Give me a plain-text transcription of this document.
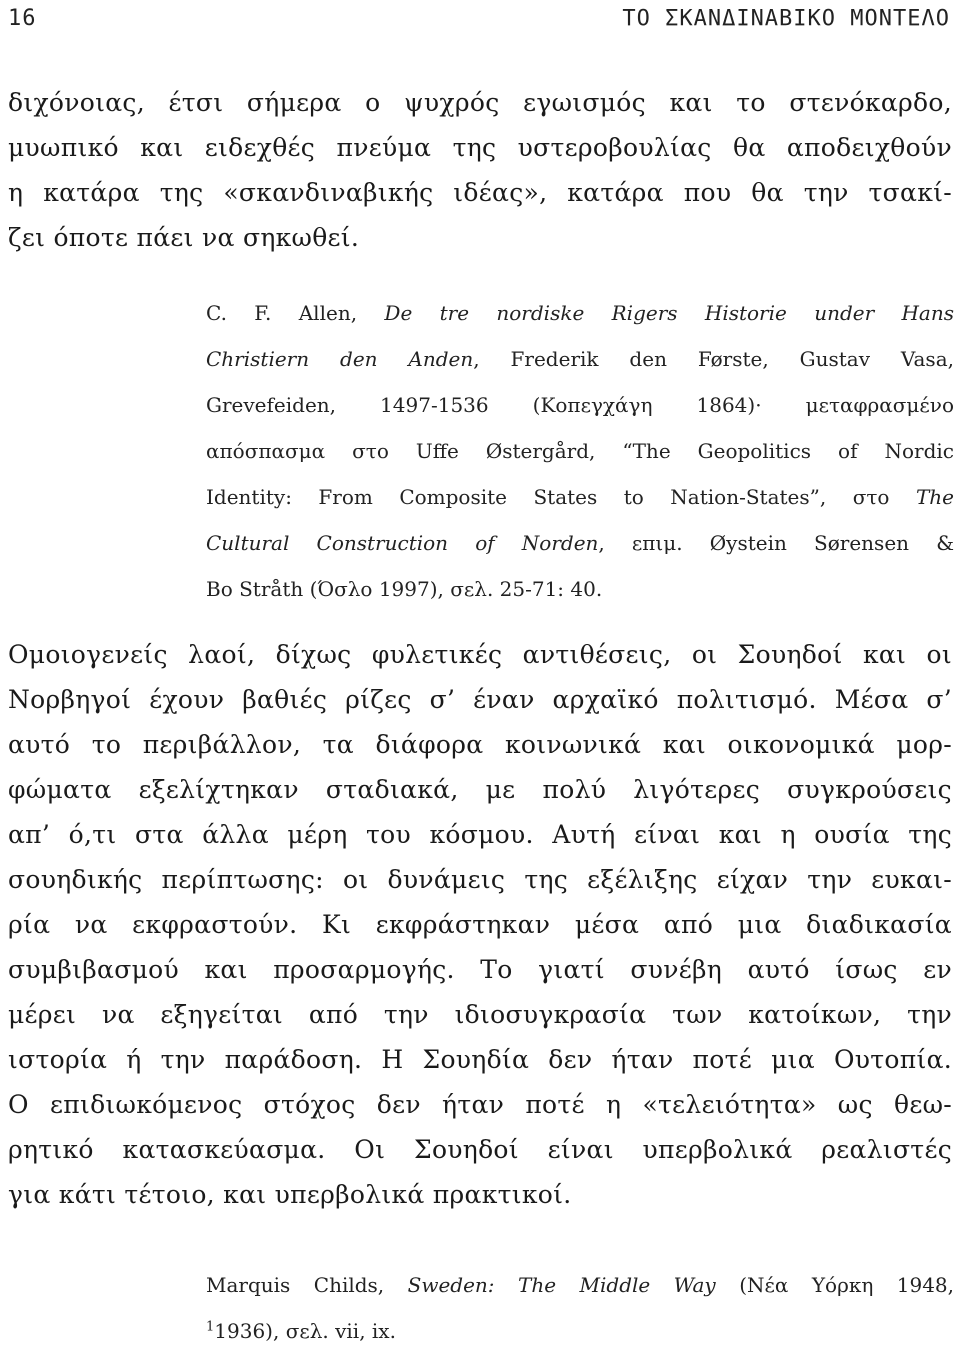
16	ΤΟ ΣΚΑΝΔΙΝΑΒΙΚΟ ΜΟΝΤΕΛΟ
διχόνοιας, έτσι σήμερα ο ψυχρός εγωισμός και το στενόκαρδο,
μυωπικό και ειδεχθές πνεύμα της υστεροβουλίας θα αποδειχθούν
η κατάρα της «σκανδιναβικής ιδέας», κατάρα που θα την τσακί-
ζει όποτε πάει να σηκωθεί.
C. F. Allen, De tre nordiske Rigers Historie under Hans
Christiern den Anden, Frederik den Første, Gustav Vasa,
Grevefeiden, 1497-1536 (Κοπεγχάγη 1864)· μεταφρασμένο
απόσπασμα στο Uffe Østergård, “The Geopolitics of Nordic
Identity: From Composite States to Nation-States”, στο The
Cultural Construction of Norden, επιμ. Øystein Sørensen &
Bo Stråth (Όσλο 1997), σελ. 25-71: 40.
Ομοιογενείς λαοί, δίχως φυλετικές αντιθέσεις, οι Σουηδοί και οι
Νορβηγοί έχουν βαθιές ρίζες σ’ έναν αρχαϊκό πολιτισμό. Μέσα σ’
αυτό το περιβάλλον, τα διάφορα κοινωνικά και οικονομικά μορ-
φώματα εξελίχτηκαν σταδιακά, με πολύ λιγότερες συγκρούσεις
απ’ ό,τι στα άλλα μέρη του κόσμου. Αυτή είναι και η ουσία της
σουηδικής περίπτωσης: οι δυνάμεις της εξέλιξης είχαν την ευκαι-
ρία να εκφραστούν. Κι εκφράστηκαν μέσα από μια διαδικασία
συμβιβασμού και προσαρμογής. Το γιατί συνέβη αυτό ίσως εν
μέρει να εξηγείται από την ιδιοσυγκρασία των κατοίκων, την
ιστορία ή την παράδοση. Η Σουηδία δεν ήταν ποτέ μια Ουτοπία.
Ο επιδιωκόμενος στόχος δεν ήταν ποτέ η «τελειότητα» ως θεω-
ρητικό κατασκεύασμα. Οι Σουηδοί είναι υπερβολικά ρεαλιστές
για κάτι τέτοιο, και υπερβολικά πρακτικοί.
Marquis Childs, Sweden: The Middle Way (Νέα Υόρκη 1948,
$^1$1936), σελ. vii, ix.
